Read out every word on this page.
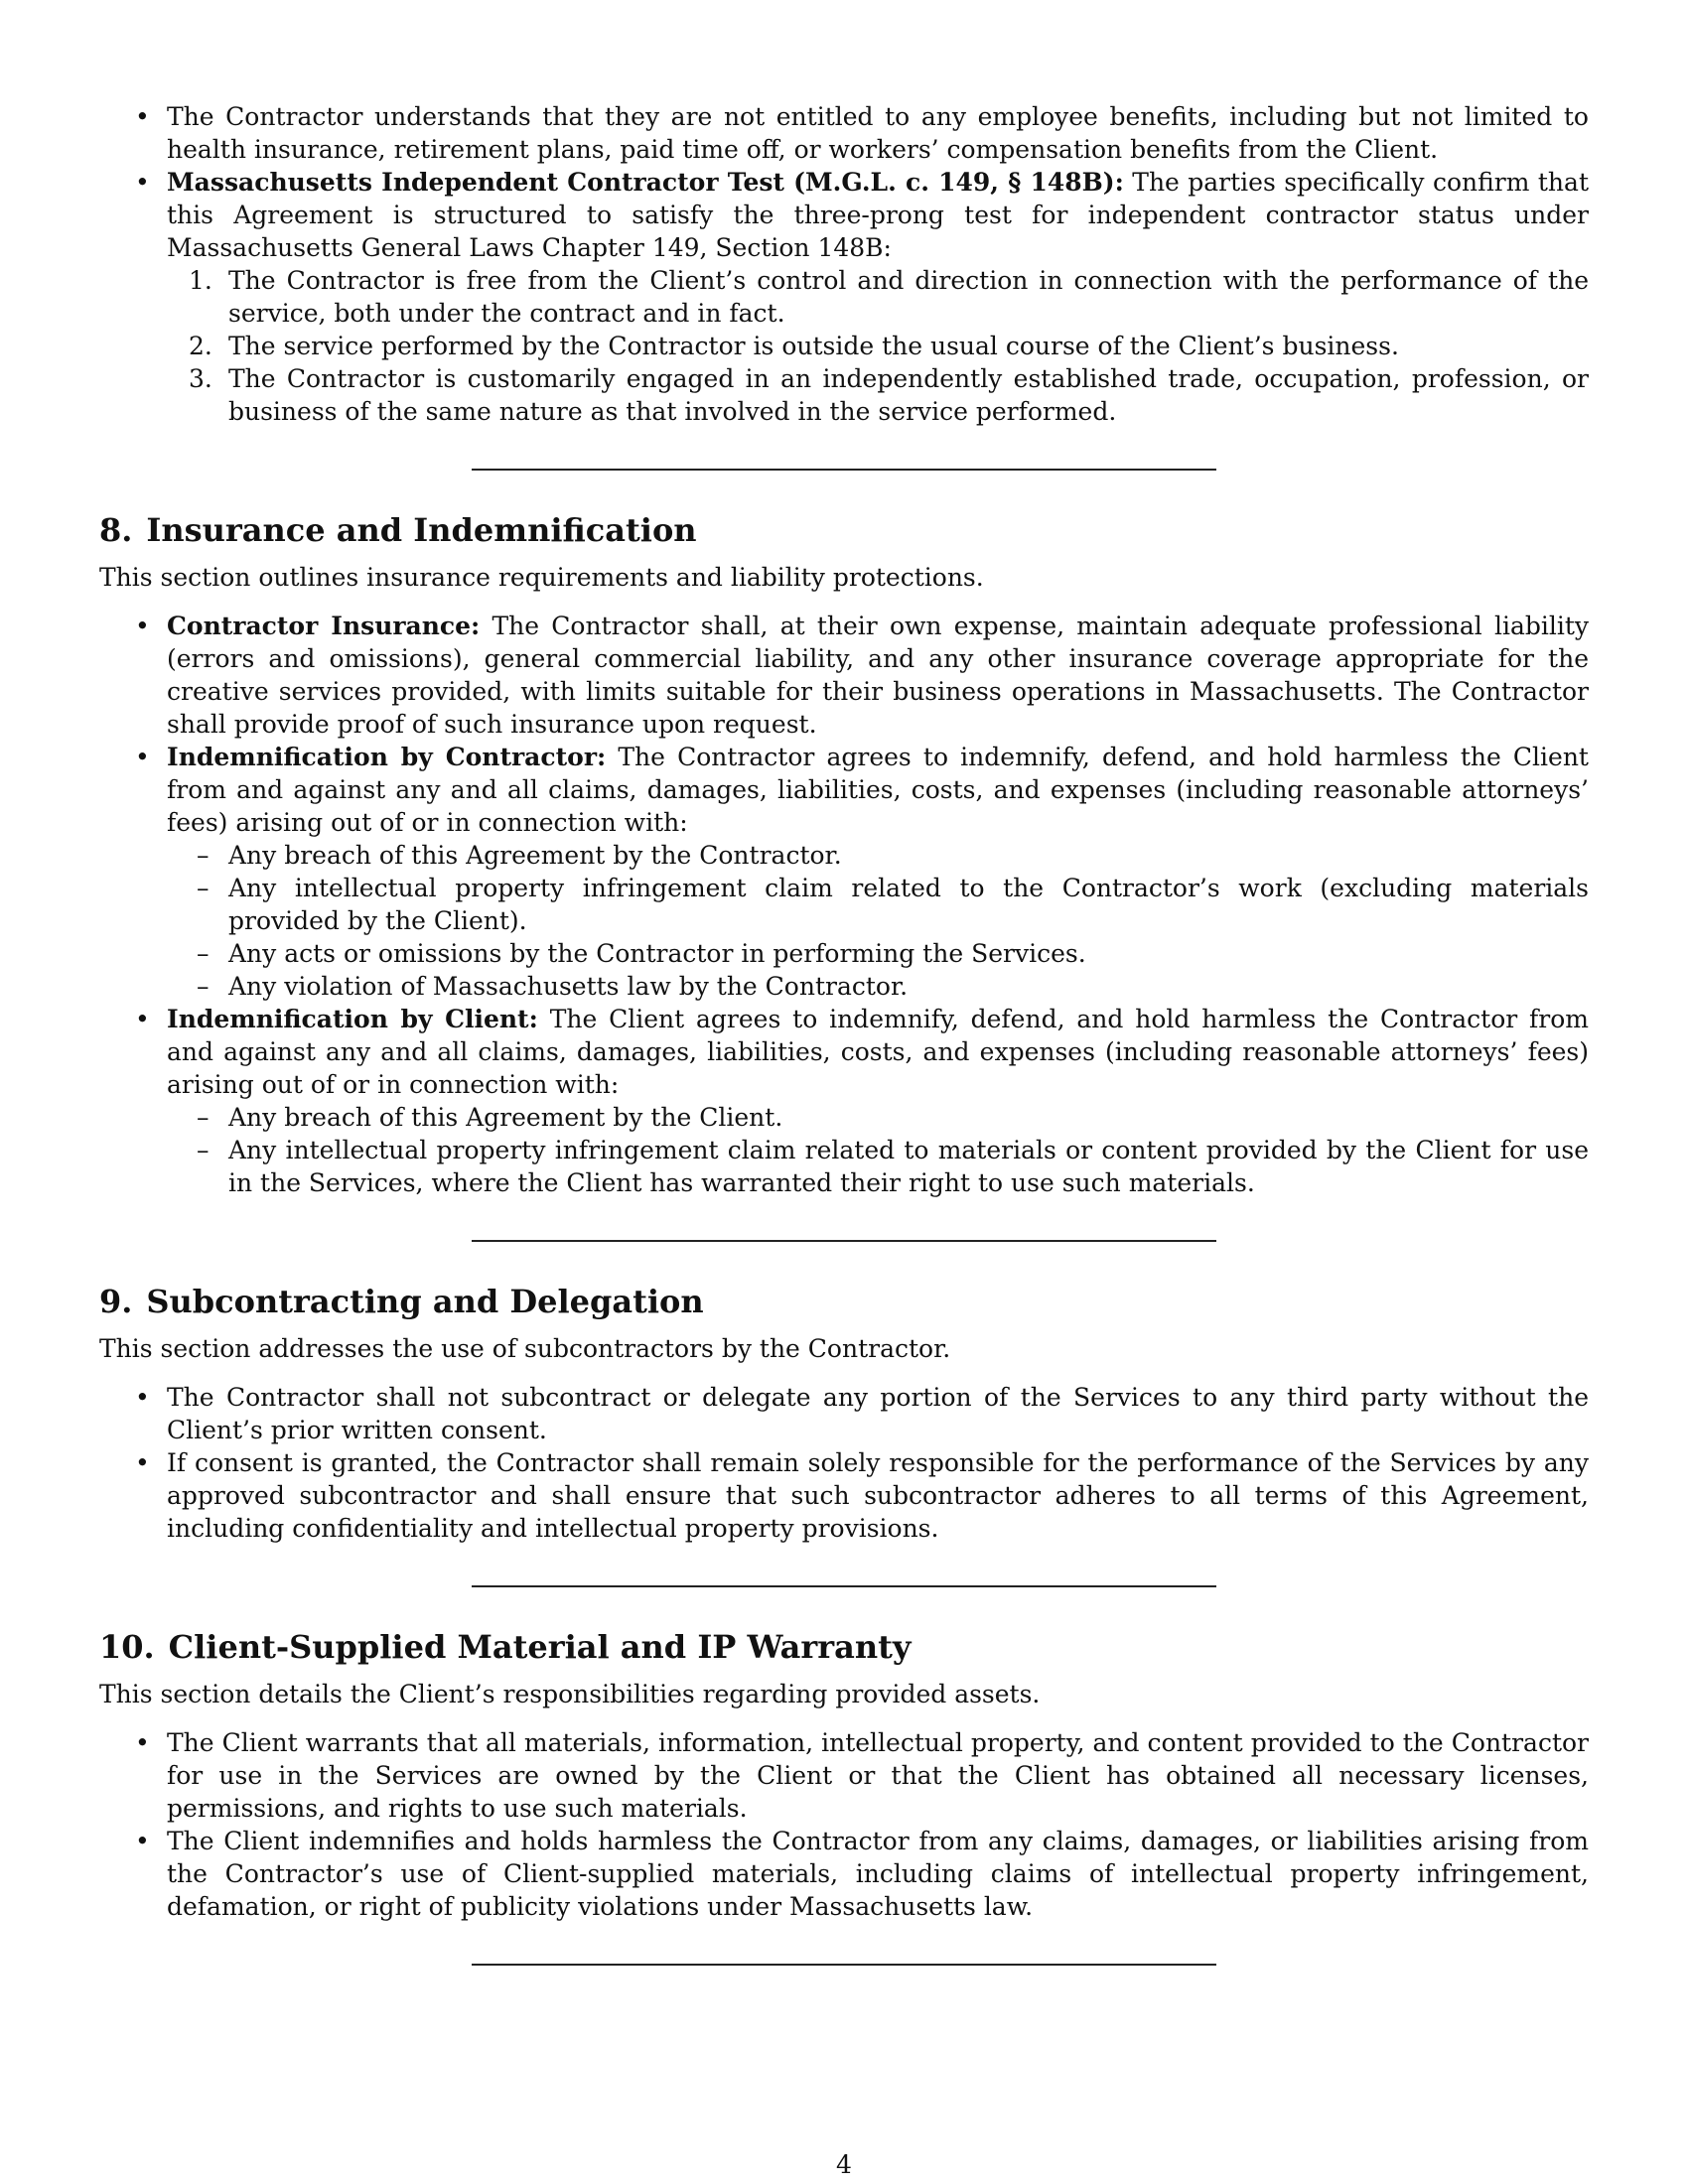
• The Contractor understands that they are not entitled to any employee benefits, including but not limited to health insurance, retirement plans, paid time off, or workers’ compensation benefits from the Client.
• Massachusetts Independent Contractor Test (M.G.L. c. 149, § 148B): The parties specifically confirm that this Agreement is structured to satisfy the three-prong test for independent contractor status under Massachusetts General Laws Chapter 149, Section 148B:
1. The Contractor is free from the Client’s control and direction in connection with the performance of the service, both under the contract and in fact.
2. The service performed by the Contractor is outside the usual course of the Client’s business.
3. The Contractor is customarily engaged in an independently established trade, occupation, profession, or business of the same nature as that involved in the service performed.
8. Insurance and Indemnification

This section outlines insurance requirements and liability protections.

• Contractor Insurance: The Contractor shall, at their own expense, maintain adequate professional liability (errors and omissions), general commercial liability, and any other insurance coverage appropriate for the creative services provided, with limits suitable for their business operations in Massachusetts. The Contractor shall provide proof of such insurance upon request.
• Indemnification by Contractor: The Contractor agrees to indemnify, defend, and hold harmless the Client from and against any and all claims, damages, liabilities, costs, and expenses (including reasonable attorneys’ fees) arising out of or in connection with:
– Any breach of this Agreement by the Contractor.
– Any intellectual property infringement claim related to the Contractor’s work (excluding materials provided by the Client).
– Any acts or omissions by the Contractor in performing the Services.
– Any violation of Massachusetts law by the Contractor.
• Indemnification by Client: The Client agrees to indemnify, defend, and hold harmless the Contractor from and against any and all claims, damages, liabilities, costs, and expenses (including reasonable attorneys’ fees) arising out of or in connection with:
– Any breach of this Agreement by the Client.
– Any intellectual property infringement claim related to materials or content provided by the Client for use in the Services, where the Client has warranted their right to use such materials.
9. Subcontracting and Delegation

This section addresses the use of subcontractors by the Contractor.

• The Contractor shall not subcontract or delegate any portion of the Services to any third party without the Client’s prior written consent.
• If consent is granted, the Contractor shall remain solely responsible for the performance of the Services by any approved subcontractor and shall ensure that such subcontractor adheres to all terms of this Agreement, including confidentiality and intellectual property provisions.
10. Client-Supplied Material and IP Warranty

This section details the Client’s responsibilities regarding provided assets.

• The Client warrants that all materials, information, intellectual property, and content provided to the Contractor for use in the Services are owned by the Client or that the Client has obtained all necessary licenses, permissions, and rights to use such materials.
• The Client indemnifies and holds harmless the Contractor from any claims, damages, or liabilities arising from the Contractor’s use of Client-supplied materials, including claims of intellectual property infringement, defamation, or right of publicity violations under Massachusetts law.
4
